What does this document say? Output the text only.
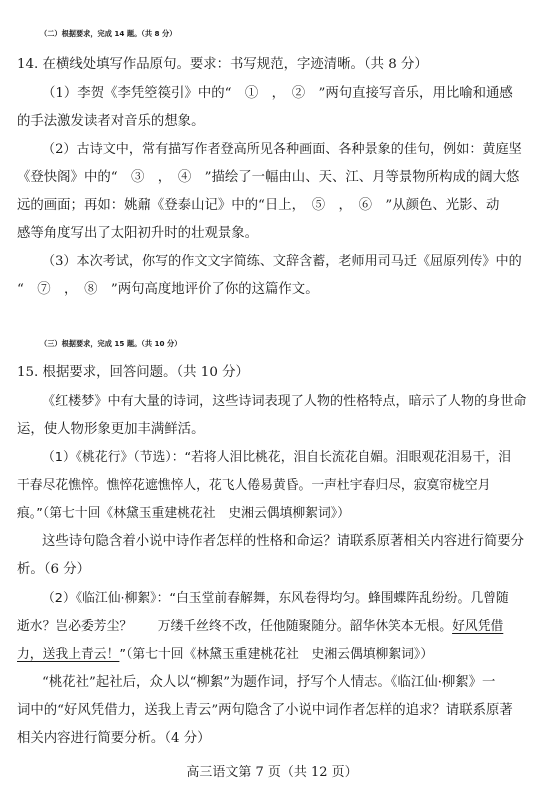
（二）根据要求，完成 14 题。（共 8 分）
14. 在横线处填写作品原句。要求：书写规范，字迹清晰。（共 8 分）
（1）李贺《李凭箜篌引》中的“　①　，　②　”两句直接写音乐，用比喻和通感
的手法激发读者对音乐的想象。
（2）古诗文中，常有描写作者登高所见各种画面、各种景象的佳句，例如：黄庭坚
《登快阁》中的“　③　，　④　”描绘了一幅由山、天、江、月等景物所构成的阔大悠
远的画面；再如：姚鼐《登泰山记》中的“日上，　⑤　，　⑥　”从颜色、光影、动
感等角度写出了太阳初升时的壮观景象。
（3）本次考试，你写的作文文字简练、文辞含蓄，老师用司马迁《屈原列传》中的
“　⑦　，　⑧　”两句高度地评价了你的这篇作文。
（三）根据要求，完成 15 题。（共 10 分）
15. 根据要求，回答问题。（共 10 分）
《红楼梦》中有大量的诗词，这些诗词表现了人物的性格特点，暗示了人物的身世命
运，使人物形象更加丰满鲜活。
（1）《桃花行》（节选）：“若将人泪比桃花，泪自长流花自媚。泪眼观花泪易干，泪
干春尽花憔悴。憔悴花遮憔悴人，花飞人倦易黄昏。一声杜宇春归尽，寂寞帘栊空月
痕。”（第七十回《林黛玉重建桃花社　史湘云偶填柳絮词》）
这些诗句隐含着小说中诗作者怎样的性格和命运？请联系原著相关内容进行简要分
析。（6 分）
（2）《临江仙·柳絮》：“白玉堂前春解舞，东风卷得均匀。蜂围蝶阵乱纷纷。几曾随
逝水？岂必委芳尘？　　万缕千丝终不改，任他随聚随分。韶华休笑本无根。好风凭借
力，送我上青云！”（第七十回《林黛玉重建桃花社　史湘云偶填柳絮词》）
“桃花社”起社后，众人以“柳絮”为题作词，抒写个人情志。《临江仙·柳絮》一
词中的“好风凭借力，送我上青云”两句隐含了小说中词作者怎样的追求？请联系原著
相关内容进行简要分析。（4 分）
高三语文第 7 页（共 12 页）
